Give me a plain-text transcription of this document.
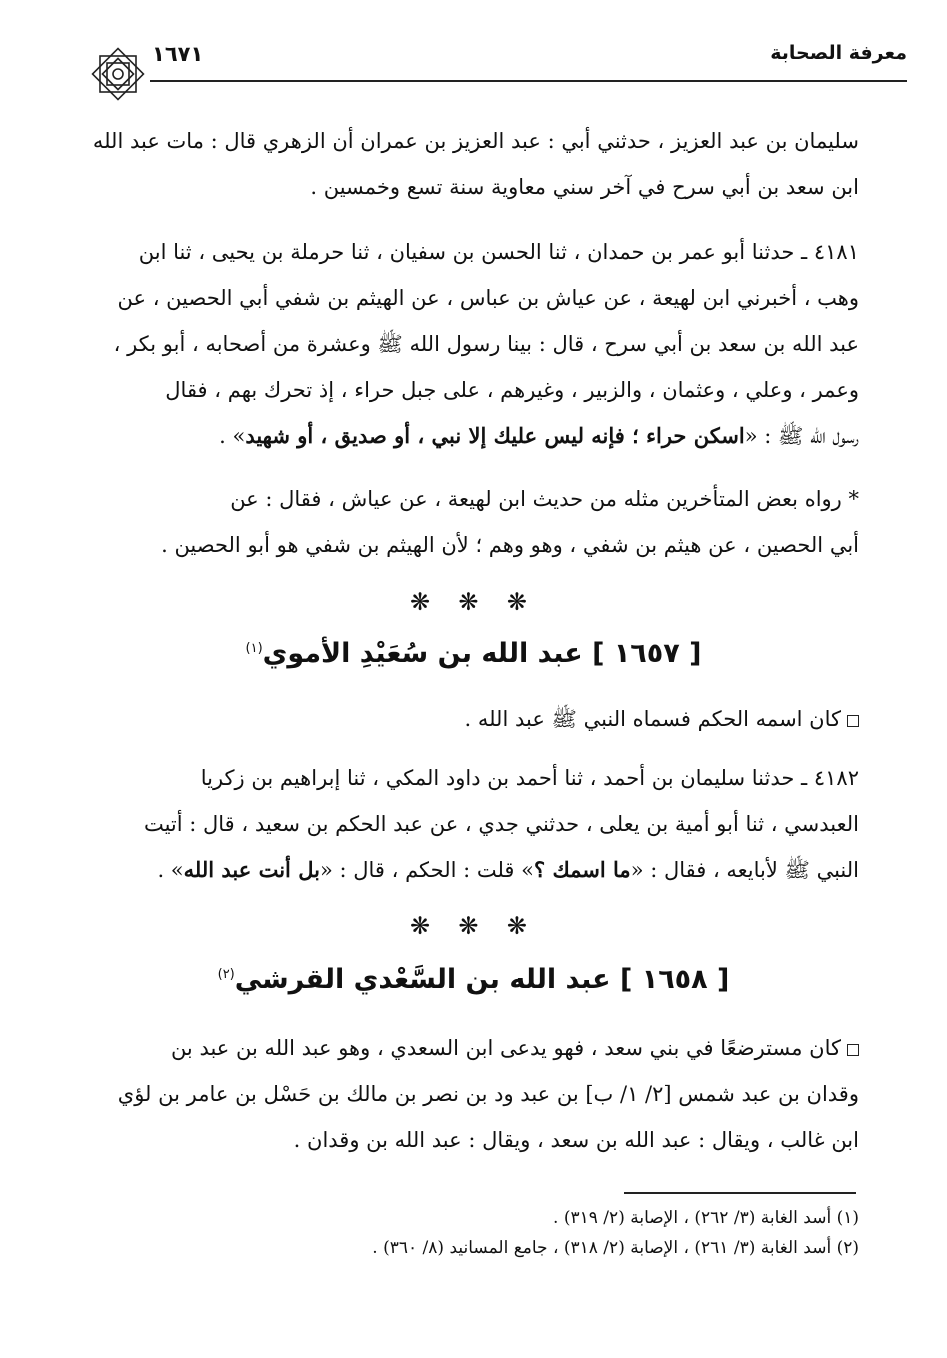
معرفة الصحابة
١٦٧١
سليمان بن عبد العزيز ، حدثني أبي : عبد العزيز بن عمران أن الزهري قال : مات عبد الله
ابن سعد بن أبي سرح في آخر سني معاوية سنة تسع وخمسين .
٤١٨١ ـ حدثنا أبو عمر بن حمدان ، ثنا الحسن بن سفيان ، ثنا حرملة بن يحيى ، ثنا ابن
وهب ، أخبرني ابن لهيعة ، عن عياش بن عباس ، عن الهيثم بن شفي أبي الحصين ، عن
عبد الله بن سعد بن أبي سرح ، قال : بينا رسول الله ﷺ وعشرة من أصحابه ، أبو بكر ،
وعمر ، وعلي ، وعثمان ، والزبير ، وغيرهم ، على جبل حراء ، إذ تحرك بهم ، فقال
رسول الله ﷺ : «اسكن حراء ؛ فإنه ليس عليك إلا نبي ، أو صديق ، أو شهيد» .
* رواه بعض المتأخرين مثله من حديث ابن لهيعة ، عن عياش ، فقال : عن
أبي الحصين ، عن هيثم بن شفي ، وهو وهم ؛ لأن الهيثم بن شفي هو أبو الحصين .
❋ ❋ ❋
[ ١٦٥٧ ] عبد الله بن سُعَيْدِ الأموي$^{(١)}$
كان اسمه الحكم فسماه النبي ﷺ عبد الله .
٤١٨٢ ـ حدثنا سليمان بن أحمد ، ثنا أحمد بن داود المكي ، ثنا إبراهيم بن زكريا
العبدسي ، ثنا أبو أمية بن يعلى ، حدثني جدي ، عن عبد الحكم بن سعيد ، قال : أتيت
النبي ﷺ لأبايعه ، فقال : «ما اسمك ؟» قلت : الحكم ، قال : «بل أنت عبد الله» .
❋ ❋ ❋
[ ١٦٥٨ ] عبد الله بن السَّعْدي القرشي$^{(٢)}$
كان مسترضعًا في بني سعد ، فهو يدعى ابن السعدي ، وهو عبد الله بن عبد بن
وقدان بن عبد شمس [٢/ ١/ ب] بن عبد ود بن نصر بن مالك بن حَسْل بن عامر بن لؤي
ابن غالب ، ويقال : عبد الله بن سعد ، ويقال : عبد الله بن وقدان .
(١) أسد الغابة (٣/ ٢٦٢) ، الإصابة (٢/ ٣١٩) .
(٢) أسد الغابة (٣/ ٢٦١) ، الإصابة (٢/ ٣١٨) ، جامع المسانيد (٨/ ٣٦٠) .
